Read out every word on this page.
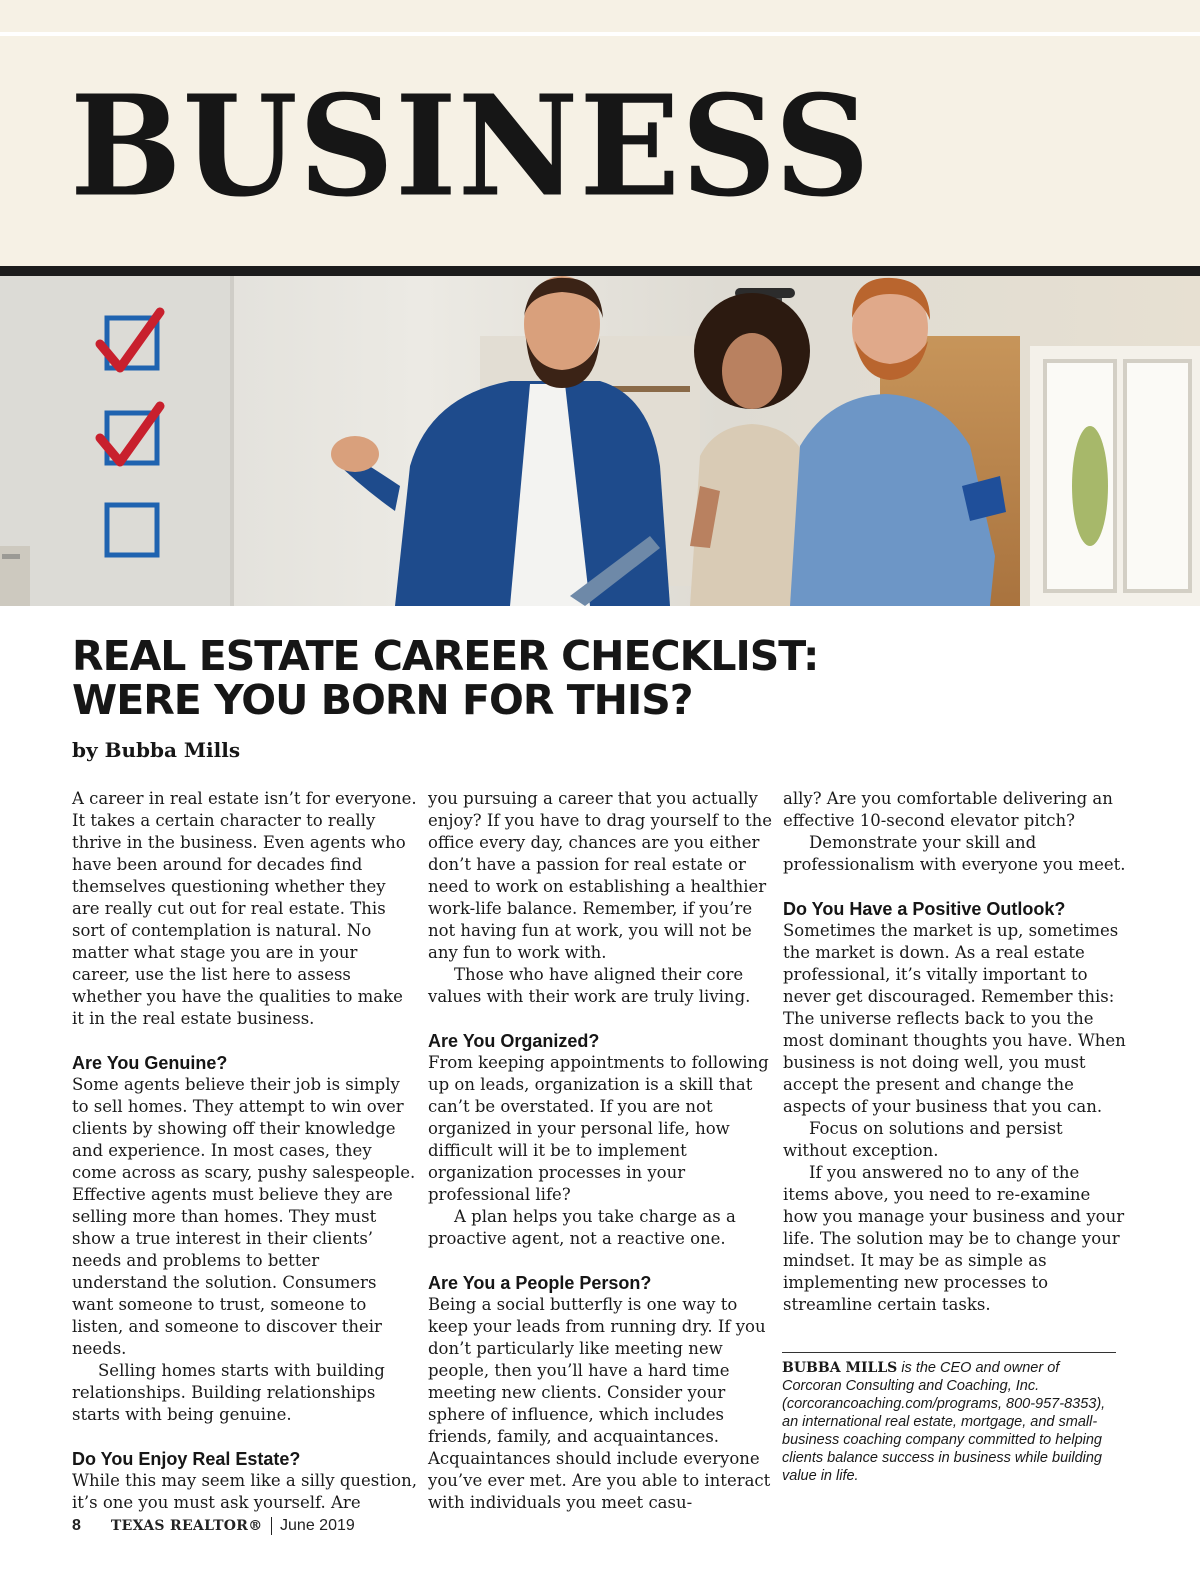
BUSINESS
REAL ESTATE CAREER CHECKLIST:
WERE YOU BORN FOR THIS?

by Bubba Mills

A career in real estate isn’t for everyone. It takes a certain character to really thrive in the business. Even agents who have been around for decades find themselves questioning whether they are really cut out for real estate. This sort of contemplation is natural. No matter what stage you are in your career, use the list here to assess whether you have the qualities to make it in the real estate business.

Are You Genuine?

Some agents believe their job is simply to sell homes. They attempt to win over clients by showing off their knowledge and experience. In most cases, they come across as scary, pushy salespeople. Effective agents must believe they are selling more than homes. They must show a true interest in their clients’ needs and problems to better understand the solution. Consumers want someone to trust, someone to listen, and someone to discover their needs.

Selling homes starts with building relationships. Building relationships starts with being genuine.

Do You Enjoy Real Estate?

While this may seem like a silly question, it’s one you must ask yourself. Are

you pursuing a career that you actually enjoy? If you have to drag yourself to the office every day, chances are you either don’t have a passion for real estate or need to work on establishing a healthier work-life balance. Remember, if you’re not having fun at work, you will not be any fun to work with.

Those who have aligned their core values with their work are truly living.

Are You Organized?

From keeping appointments to following up on leads, organization is a skill that can’t be overstated. If you are not organized in your personal life, how difficult will it be to implement organization processes in your professional life?

A plan helps you take charge as a proactive agent, not a reactive one.

Are You a People Person?

Being a social butterfly is one way to keep your leads from running dry. If you don’t particularly like meeting new people, then you’ll have a hard time meeting new clients. Consider your sphere of influence, which includes friends, family, and acquaintances. Acquaintances should include everyone you’ve ever met. Are you able to interact with individuals you meet casu-

ally? Are you comfortable delivering an effective 10-second elevator pitch?

Demonstrate your skill and professionalism with everyone you meet.

Do You Have a Positive Outlook?

Sometimes the market is up, sometimes the market is down. As a real estate professional, it’s vitally important to never get discouraged. Remember this: The universe reflects back to you the most dominant thoughts you have. When business is not doing well, you must accept the present and change the aspects of your business that you can.

Focus on solutions and persist without exception.

If you answered no to any of the items above, you need to re-examine how you manage your business and your life. The solution may be to change your mindset. It may be as simple as implementing new processes to streamline certain tasks.

BUBBA MILLS is the CEO and owner of Corcoran Consulting and Coaching, Inc. (corcorancoaching.com/programs, 800-957-8353), an international real estate, mortgage, and small-business coaching company committed to helping clients balance success in business while building value in life.
8 TEXAS REALTOR® June 2019
